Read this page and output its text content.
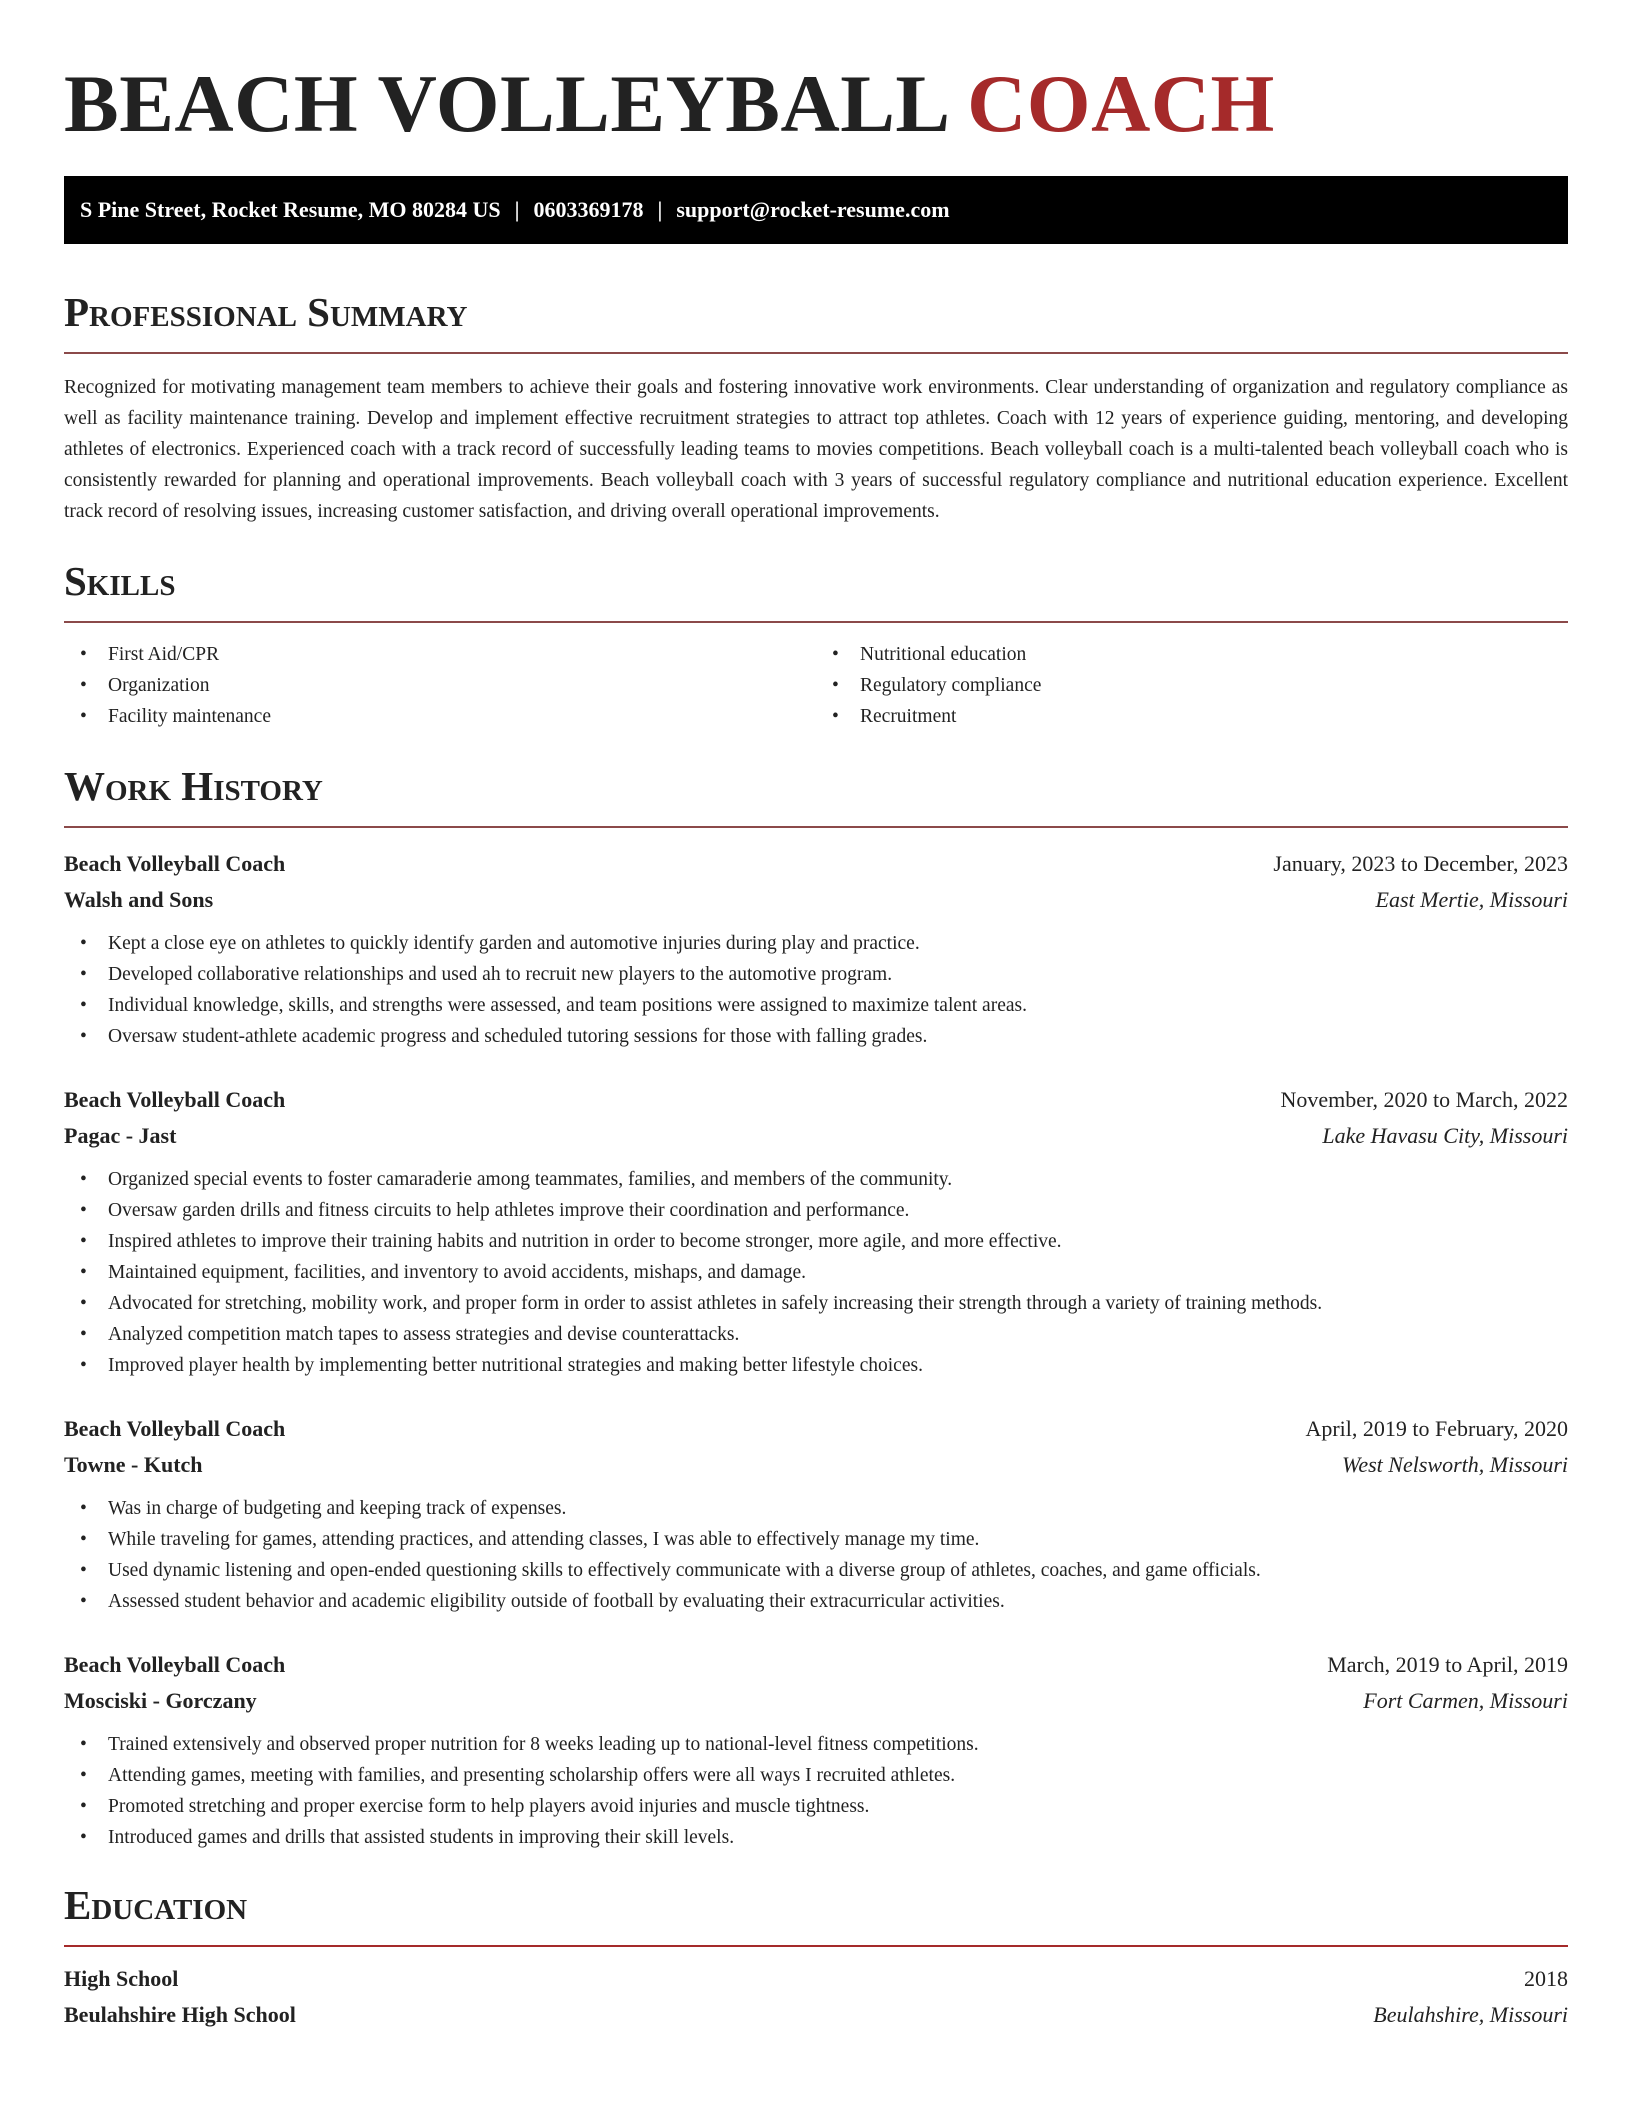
BEACH VOLLEYBALL COACH
S Pine Street, Rocket Resume, MO 80284 US | 0603369178 | support@rocket-resume.com
Professional Summary

Recognized for motivating management team members to achieve their goals and fostering innovative work environments. Clear understanding of organization and regulatory compliance as well as facility maintenance training. Develop and implement effective recruitment strategies to attract top athletes. Coach with 12 years of experience guiding, mentoring, and developing athletes of electronics. Experienced coach with a track record of successfully leading teams to movies competitions. Beach volleyball coach is a multi-talented beach volleyball coach who is consistently rewarded for planning and operational improvements. Beach volleyball coach with 3 years of successful regulatory compliance and nutritional education experience. Excellent track record of resolving issues, increasing customer satisfaction, and driving overall operational improvements.

Skills
• First Aid/CPR
• Organization
• Facility maintenance
• Nutritional education
• Regulatory compliance
• Recruitment
Work History
Beach Volleyball Coach	January, 2023 to December, 2023
Walsh and Sons	East Mertie, Missouri
• Kept a close eye on athletes to quickly identify garden and automotive injuries during play and practice.
• Developed collaborative relationships and used ah to recruit new players to the automotive program.
• Individual knowledge, skills, and strengths were assessed, and team positions were assigned to maximize talent areas.
• Oversaw student-athlete academic progress and scheduled tutoring sessions for those with falling grades.
Beach Volleyball Coach	November, 2020 to March, 2022
Pagac - Jast	Lake Havasu City, Missouri
• Organized special events to foster camaraderie among teammates, families, and members of the community.
• Oversaw garden drills and fitness circuits to help athletes improve their coordination and performance.
• Inspired athletes to improve their training habits and nutrition in order to become stronger, more agile, and more effective.
• Maintained equipment, facilities, and inventory to avoid accidents, mishaps, and damage.
• Advocated for stretching, mobility work, and proper form in order to assist athletes in safely increasing their strength through a variety of training methods.
• Analyzed competition match tapes to assess strategies and devise counterattacks.
• Improved player health by implementing better nutritional strategies and making better lifestyle choices.
Beach Volleyball Coach	April, 2019 to February, 2020
Towne - Kutch	West Nelsworth, Missouri
• Was in charge of budgeting and keeping track of expenses.
• While traveling for games, attending practices, and attending classes, I was able to effectively manage my time.
• Used dynamic listening and open-ended questioning skills to effectively communicate with a diverse group of athletes, coaches, and game officials.
• Assessed student behavior and academic eligibility outside of football by evaluating their extracurricular activities.
Beach Volleyball Coach	March, 2019 to April, 2019
Mosciski - Gorczany	Fort Carmen, Missouri
• Trained extensively and observed proper nutrition for 8 weeks leading up to national-level fitness competitions.
• Attending games, meeting with families, and presenting scholarship offers were all ways I recruited athletes.
• Promoted stretching and proper exercise form to help players avoid injuries and muscle tightness.
• Introduced games and drills that assisted students in improving their skill levels.
Education
High School	2018
Beulahshire High School	Beulahshire, Missouri
